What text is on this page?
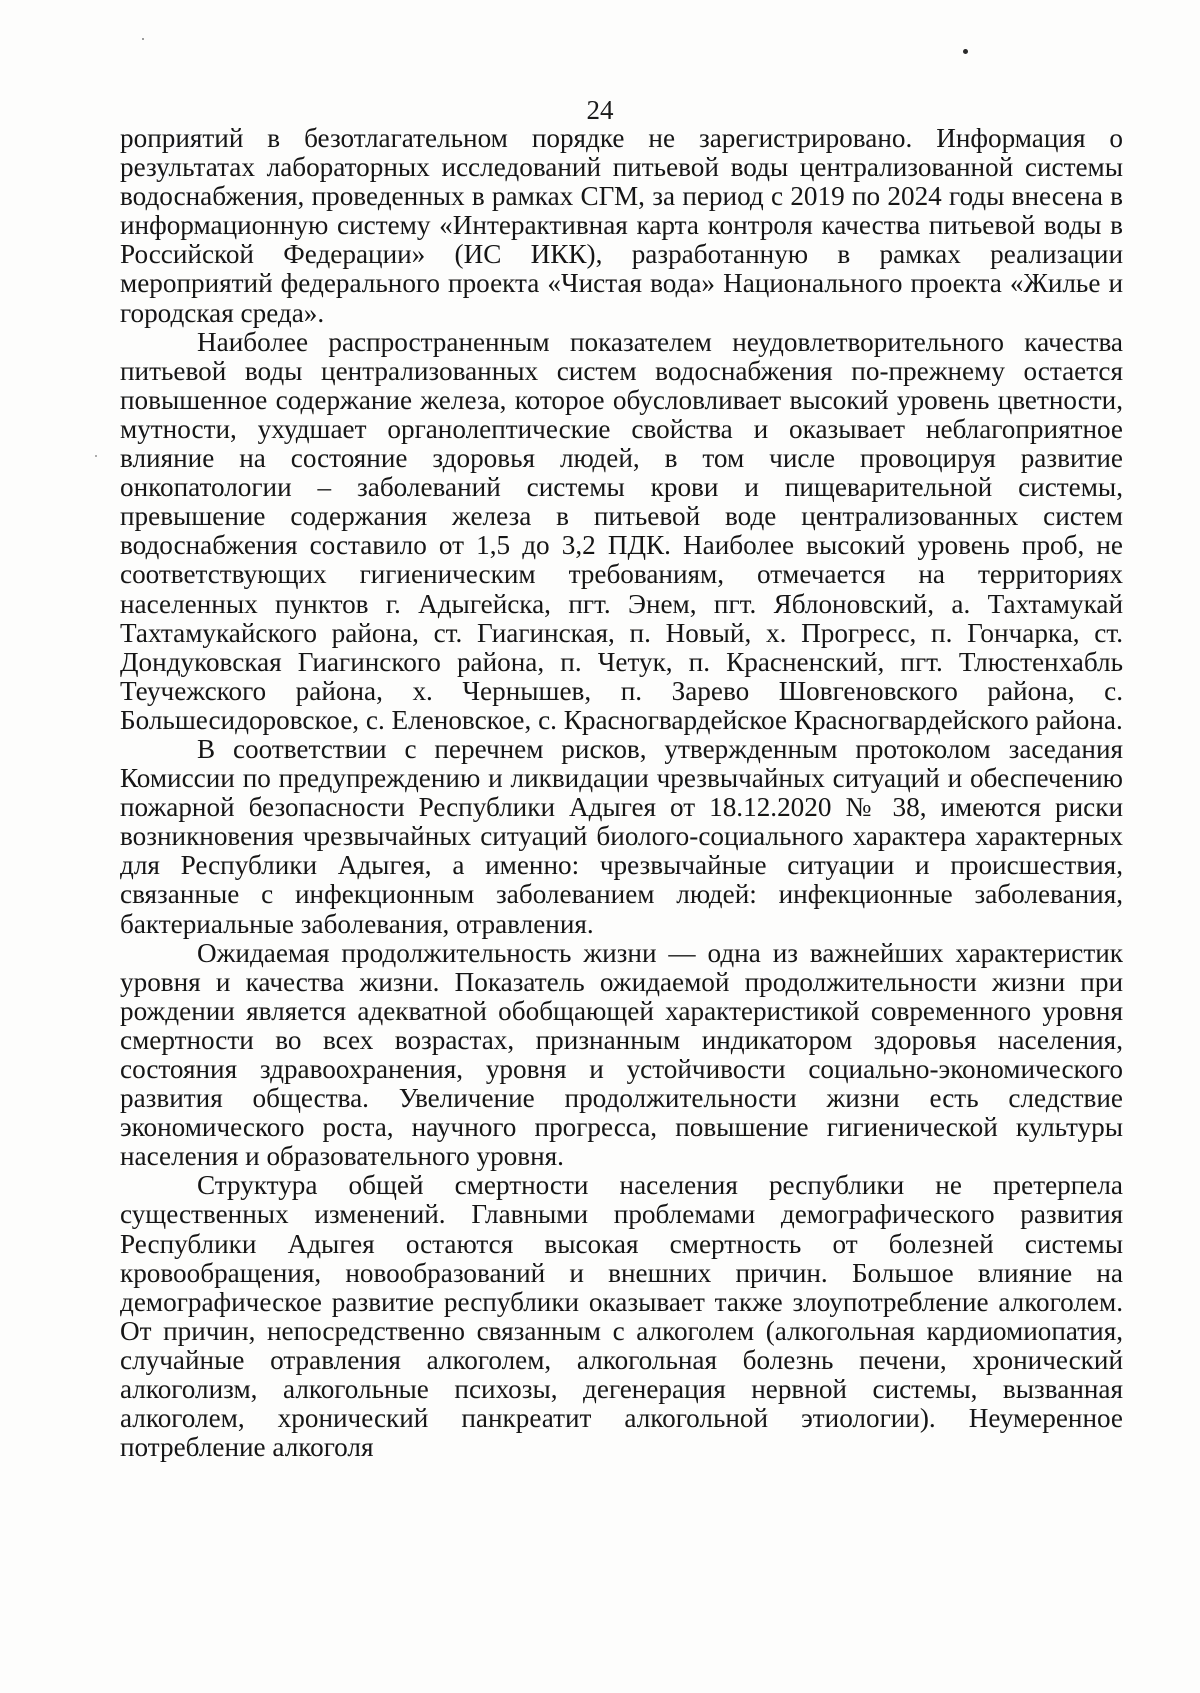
24

роприятий в безотлагательном порядке не зарегистрировано. Информация о результатах лабораторных исследований питьевой воды централизованной системы водоснабжения, проведенных в рамках СГМ, за период с 2019 по 2024 годы внесена в информационную систему «Интерактивная карта контроля качества питьевой воды в Российской Федерации» (ИС ИКК), разработанную в рамках реализации мероприятий федерального проекта «Чистая вода» Национального проекта «Жилье и городская среда».

Наиболее распространенным показателем неудовлетворительного качества питьевой воды централизованных систем водоснабжения по-прежнему остается повышенное содержание железа, которое обусловливает высокий уровень цветности, мутности, ухудшает органолептические свойства и оказывает неблагоприятное влияние на состояние здоровья людей, в том числе провоцируя развитие онкопатологии – заболеваний системы крови и пищеварительной системы, превышение содержания железа в питьевой воде централизованных систем водоснабжения составило от 1,5 до 3,2 ПДК. Наиболее высокий уровень проб, не соответствующих гигиеническим требованиям, отмечается на территориях населенных пунктов г. Адыгейска, пгт. Энем, пгт. Яблоновский, а. Тахтамукай Тахтамукайского района, ст. Гиагинская, п. Новый, х. Прогресс, п. Гончарка, ст. Дондуковская Гиагинского района, п. Четук, п. Красненский, пгт. Тлюстенхабль Теучежского района, х. Чернышев, п. Зарево Шовгеновского района, с. Большесидоровское, с. Еленовское, с. Красногвардейское Красногвардейского района.

В соответствии с перечнем рисков, утвержденным протоколом заседания Комиссии по предупреждению и ликвидации чрезвычайных ситуаций и обеспечению пожарной безопасности Республики Адыгея от 18.12.2020 № 38, имеются риски возникновения чрезвычайных ситуаций биолого-социального характера характерных для Республики Адыгея, а именно: чрезвычайные ситуации и происшествия, связанные с инфекционным заболеванием людей: инфекционные заболевания, бактериальные заболевания, отравления.

Ожидаемая продолжительность жизни — одна из важнейших характеристик уровня и качества жизни. Показатель ожидаемой продолжительности жизни при рождении является адекватной обобщающей характеристикой современного уровня смертности во всех возрастах, признанным индикатором здоровья населения, состояния здравоохранения, уровня и устойчивости социально-экономического развития общества. Увеличение продолжительности жизни есть следствие экономического роста, научного прогресса, повышение гигиенической культуры населения и образовательного уровня.

Структура общей смертности населения республики не претерпела существенных изменений. Главными проблемами демографического развития Республики Адыгея остаются высокая смертность от болезней системы кровообращения, новообразований и внешних причин. Большое влияние на демографическое развитие республики оказывает также злоупотребление алкоголем. От причин, непосредственно связанным с алкоголем (алкогольная кардиомиопатия, случайные отравления алкоголем, алкогольная болезнь печени, хронический алкоголизм, алкогольные психозы, дегенерация нервной системы, вызванная алкоголем, хронический панкреатит алкогольной этиологии). Неумеренное потребление алкоголя
